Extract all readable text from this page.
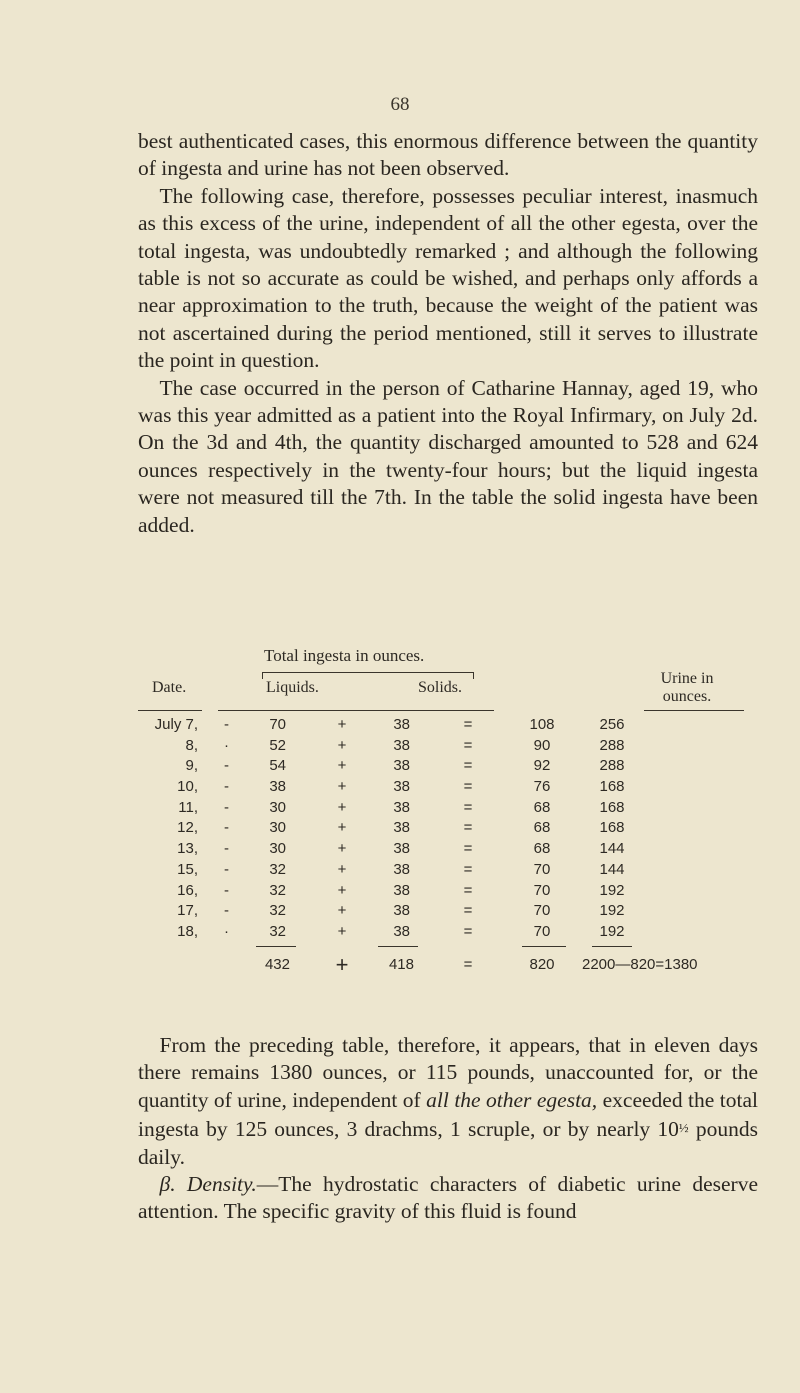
68
best authenticated cases, this enormous difference between the quantity of ingesta and urine has not been observed.
 The following case, therefore, possesses peculiar interest, inasmuch as this excess of the urine, independent of all the other egesta, over the total ingesta, was undoubtedly remarked ; and although the following table is not so accurate as could be wished, and perhaps only affords a near approximation to the truth, because the weight of the patient was not ascertained during the period mentioned, still it serves to illustrate the point in question.
 The case occurred in the person of Catharine Hannay, aged 19, who was this year admitted as a patient into the Royal Infirmary, on July 2d. On the 3d and 4th, the quantity discharged amounted to 528 and 624 ounces respectively in the twenty-four hours; but the liquid ingesta were not measured till the 7th. In the table the solid ingesta have been added.
Total ingesta in ounces.
Date.	Liquids.	Solids.
Urine in
ounces.
July 7, -	70	+	38	=	108	256
8, ·	52	+	38	=	90	288
9, -	54	+	38	=	92	288
10, -	38	+	38	=	76	168
11, -	30	+	38	=	68	168
12, -	30	+	38	=	68	168
13, -	30	+	38	=	68	144
15, -	32	+	38	=	70	144
16, -	32	+	38	=	70	192
17, -	32	+	38	=	70	192
18, ·	32	+	38	=	70	192
432 +	418	=	820	2200—820=1380
 From the preceding table, therefore, it appears, that in eleven days there remains 1380 ounces, or 115 pounds, unaccounted for, or the quantity of urine, independent of all the other egesta, exceeded the total ingesta by 125 ounces, 3 drachms, 1 scruple, or by nearly 10½ pounds daily.
 β. Density.—The hydrostatic characters of diabetic urine deserve attention. The specific gravity of this fluid is found
